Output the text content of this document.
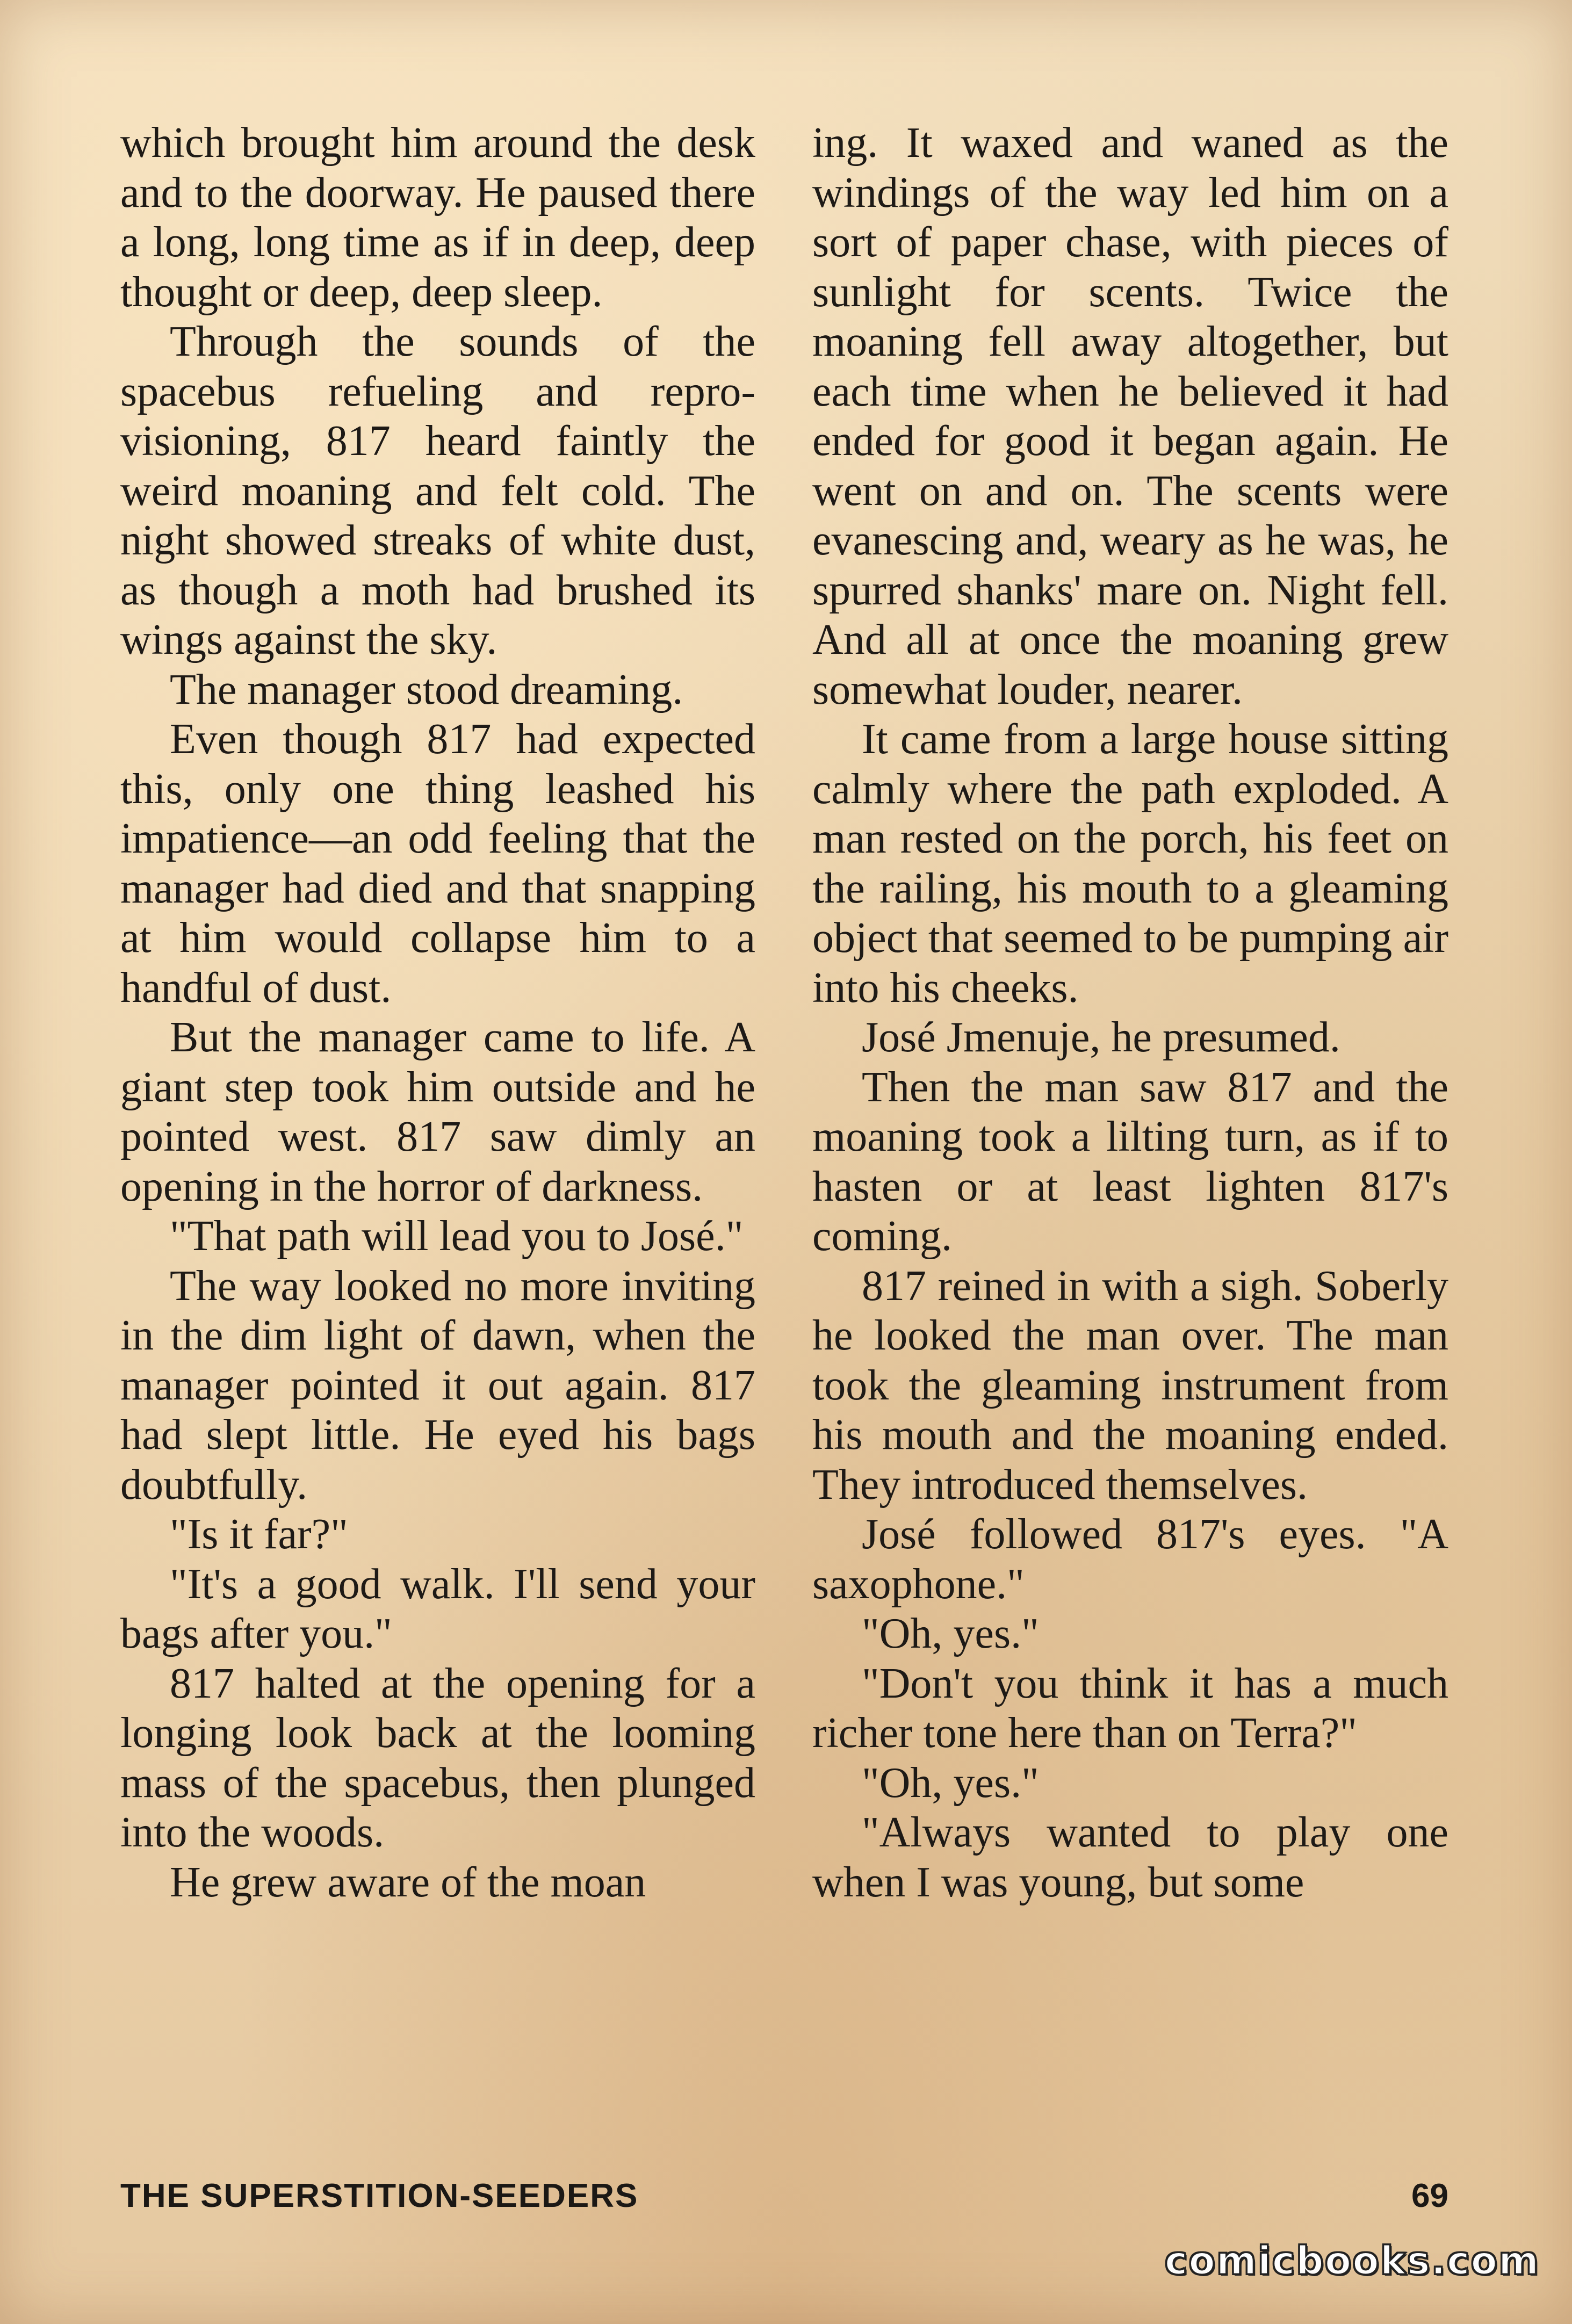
which brought him around the desk and to the doorway. He paused there a long, long time as if in deep, deep thought or deep, deep sleep.

Through the sounds of the spacebus refueling and reprovisioning, 817 heard faintly the weird moaning and felt cold. The night showed streaks of white dust, as though a moth had brushed its wings against the sky.

The manager stood dreaming.

Even though 817 had expected this, only one thing leashed his impatience—an odd feeling that the manager had died and that snapping at him would collapse him to a handful of dust.

But the manager came to life. A giant step took him outside and he pointed west. 817 saw dimly an opening in the horror of darkness.

"That path will lead you to José."

The way looked no more inviting in the dim light of dawn, when the manager pointed it out again. 817 had slept little. He eyed his bags doubtfully.

"Is it far?"

"It's a good walk. I'll send your bags after you."

817 halted at the opening for a longing look back at the looming mass of the spacebus, then plunged into the woods.

He grew aware of the moan

ing. It waxed and waned as the windings of the way led him on a sort of paper chase, with pieces of sunlight for scents. Twice the moaning fell away altogether, but each time when he believed it had ended for good it began again. He went on and on. The scents were evanescing and, weary as he was, he spurred shanks' mare on. Night fell. And all at once the moaning grew somewhat louder, nearer.

It came from a large house sitting calmly where the path exploded. A man rested on the porch, his feet on the railing, his mouth to a gleaming object that seemed to be pumping air into his cheeks.

José Jmenuje, he presumed.

Then the man saw 817 and the moaning took a lilting turn, as if to hasten or at least lighten 817's coming.

817 reined in with a sigh. Soberly he looked the man over. The man took the gleaming instrument from his mouth and the moaning ended. They introduced themselves.

José followed 817's eyes. "A saxophone."

"Oh, yes."

"Don't you think it has a much richer tone here than on Terra?"

"Oh, yes."

"Always wanted to play one when I was young, but some

THE SUPERSTITION-SEEDERS	69
comicbooks.com
